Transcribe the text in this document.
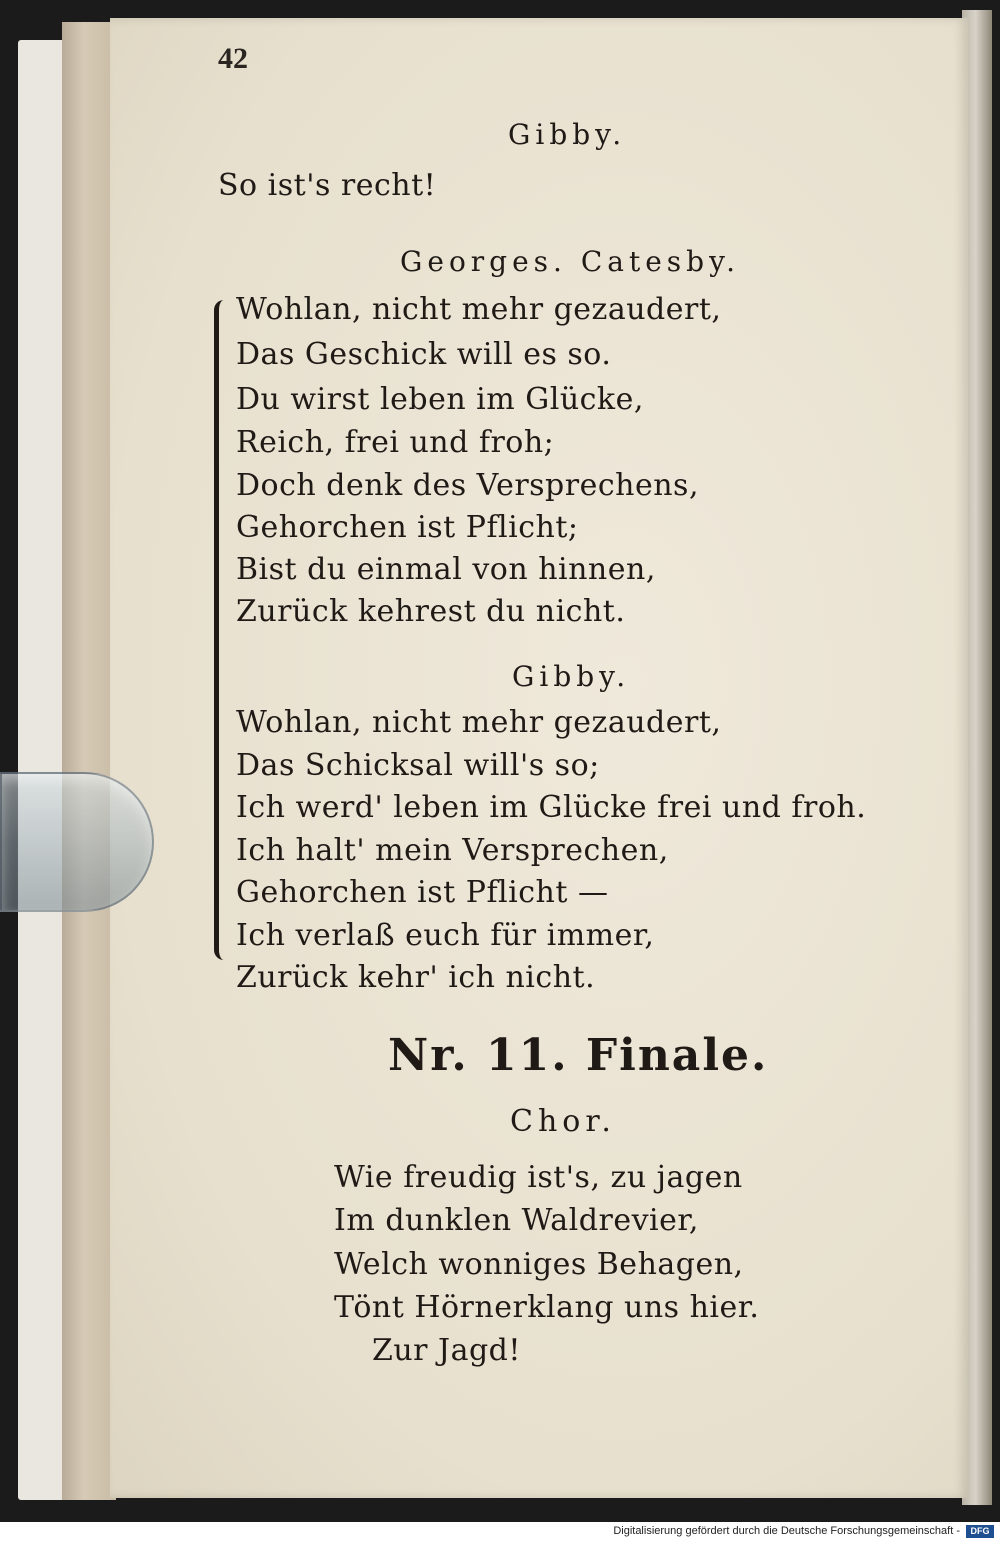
42
Gibby.
So ist's recht!
Georges. Catesby.
Wohlan, nicht mehr gezaudert,
Das Geschick will es so.
Du wirst leben im Glücke,
Reich, frei und froh;
Doch denk des Versprechens,
Gehorchen ist Pflicht;
Bist du einmal von hinnen,
Zurück kehrest du nicht.
Gibby.
Wohlan, nicht mehr gezaudert,
Das Schicksal will's so;
Ich werd' leben im Glücke frei und froh.
Ich halt' mein Versprechen,
Gehorchen ist Pflicht —
Ich verlaß euch für immer,
Zurück kehr' ich nicht.
Nr. 11. Finale.
Chor.
Wie freudig ist's, zu jagen
Im dunklen Waldrevier,
Welch wonniges Behagen,
Tönt Hörnerklang uns hier.
Zur Jagd!
Digitalisierung gefördert durch die Deutsche Forschungsgemeinschaft -	DFG
